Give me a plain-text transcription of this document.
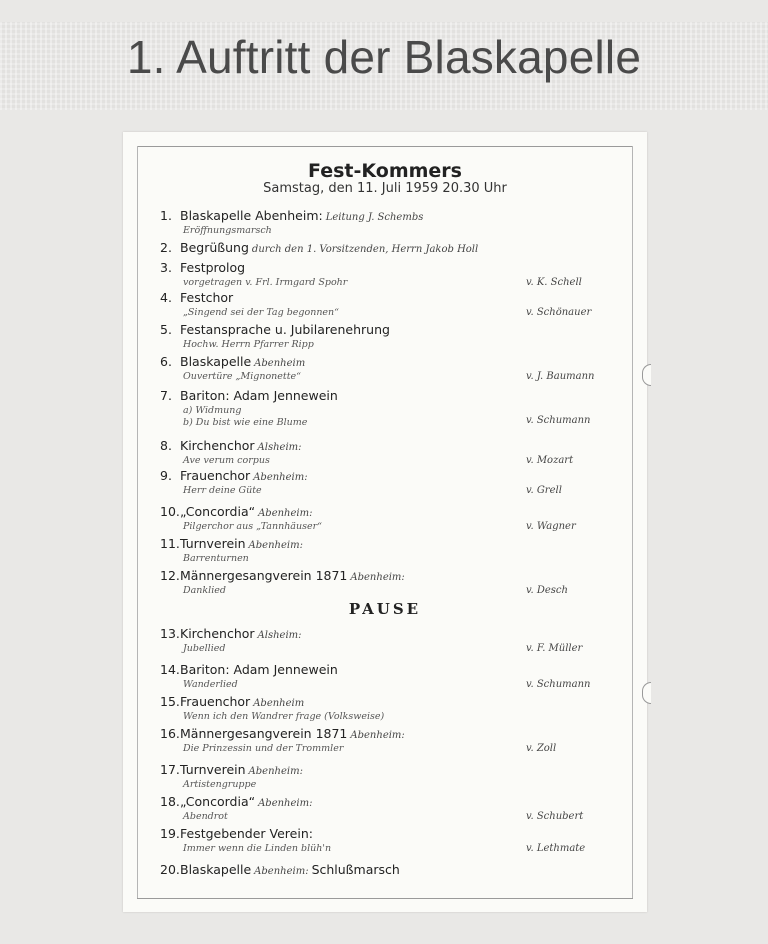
1. Auftritt der Blaskapelle
Fest-Kommers
Samstag, den 11. Juli 1959 20.30 Uhr
PAUSE
1. Blaskapelle Abenheim: Leitung J. Schembs
Eröffnungsmarsch
2. Begrüßung durch den 1. Vorsitzenden, Herrn Jakob Holl
3. Festprolog
vorgetragen v. Frl. Irmgard Spohr	v. K. Schell
4. Festchor
„Singend sei der Tag begonnen“	v. Schönauer
5. Festansprache u. Jubilarenehrung
Hochw. Herrn Pfarrer Ripp
6. Blaskapelle Abenheim
Ouvertüre „Mignonette“	v. J. Baumann
7. Bariton: Adam Jennewein
a) Widmung
b) Du bist wie eine Blume	v. Schumann
8. Kirchenchor Alsheim:
Ave verum corpus	v. Mozart
9. Frauenchor Abenheim:
Herr deine Güte	v. Grell
10.„Concordia“ Abenheim:
Pilgerchor aus „Tannhäuser“	v. Wagner
11.Turnverein Abenheim:
Barrenturnen
12.Männergesangverein 1871 Abenheim:
Danklied	v. Desch
13.Kirchenchor Alsheim:
Jubellied	v. F. Müller
14.Bariton: Adam Jennewein
Wanderlied	v. Schumann
15.Frauenchor Abenheim
Wenn ich den Wandrer frage (Volksweise)
16.Männergesangverein 1871 Abenheim:
Die Prinzessin und der Trommler	v. Zoll
17.Turnverein Abenheim:
Artistengruppe
18.„Concordia“ Abenheim:
Abendrot	v. Schubert
19.Festgebender Verein:
Immer wenn die Linden blüh'n	v. Lethmate
20.Blaskapelle Abenheim: Schlußmarsch
